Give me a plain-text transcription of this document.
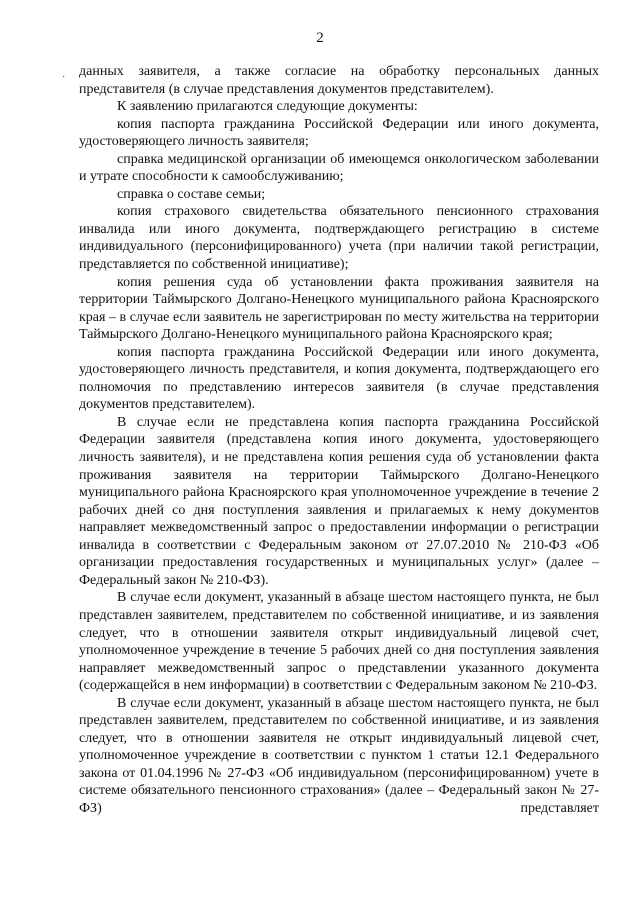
2
· данных заявителя, а также согласие на обработку персональных данных представителя (в случае представления документов представителем).

К заявлению прилагаются следующие документы:

копия паспорта гражданина Российской Федерации или иного документа, удостоверяющего личность заявителя;

справка медицинской организации об имеющемся онкологическом заболевании и утрате способности к самообслуживанию;

справка о составе семьи;

копия страхового свидетельства обязательного пенсионного страхования инвалида или иного документа, подтверждающего регистрацию в системе индивидуального (персонифицированного) учета (при наличии такой регистрации, представляется по собственной инициативе);

копия решения суда об установлении факта проживания заявителя на территории Таймырского Долгано-Ненецкого муниципального района Красноярского края – в случае если заявитель не зарегистрирован по месту жительства на территории Таймырского Долгано-Ненецкого муниципального района Красноярского края;

копия паспорта гражданина Российской Федерации или иного документа, удостоверяющего личность представителя, и копия документа, подтверждающего его полномочия по представлению интересов заявителя (в случае представления документов представителем).

В случае если не представлена копия паспорта гражданина Российской Федерации заявителя (представлена копия иного документа, удостоверяющего личность заявителя), и не представлена копия решения суда об установлении факта проживания заявителя на территории Таймырского Долгано-Ненецкого муниципального района Красноярского края уполномоченное учреждение в течение 2 рабочих дней со дня поступления заявления и прилагаемых к нему документов направляет межведомственный запрос о предоставлении информации о регистрации инвалида в соответствии с Федеральным законом от 27.07.2010 № 210-ФЗ «Об организации предоставления государственных и муниципальных услуг» (далее – Федеральный закон № 210-ФЗ).

В случае если документ, указанный в абзаце шестом настоящего пункта, не был представлен заявителем, представителем по собственной инициативе, и из заявления следует, что в отношении заявителя открыт индивидуальный лицевой счет, уполномоченное учреждение в течение 5 рабочих дней со дня поступления заявления направляет межведомственный запрос о представлении указанного документа (содержащейся в нем информации) в соответствии с Федеральным законом № 210-ФЗ.

В случае если документ, указанный в абзаце шестом настоящего пункта, не был представлен заявителем, представителем по собственной инициативе, и из заявления следует, что в отношении заявителя не открыт индивидуальный лицевой счет, уполномоченное учреждение в соответствии с пунктом 1 статьи 12.1 Федерального закона от 01.04.1996 № 27-ФЗ «Об индивидуальном (персонифицированном) учете в системе обязательного пенсионного страхования» (далее – Федеральный закон № 27-ФЗ) представляет
